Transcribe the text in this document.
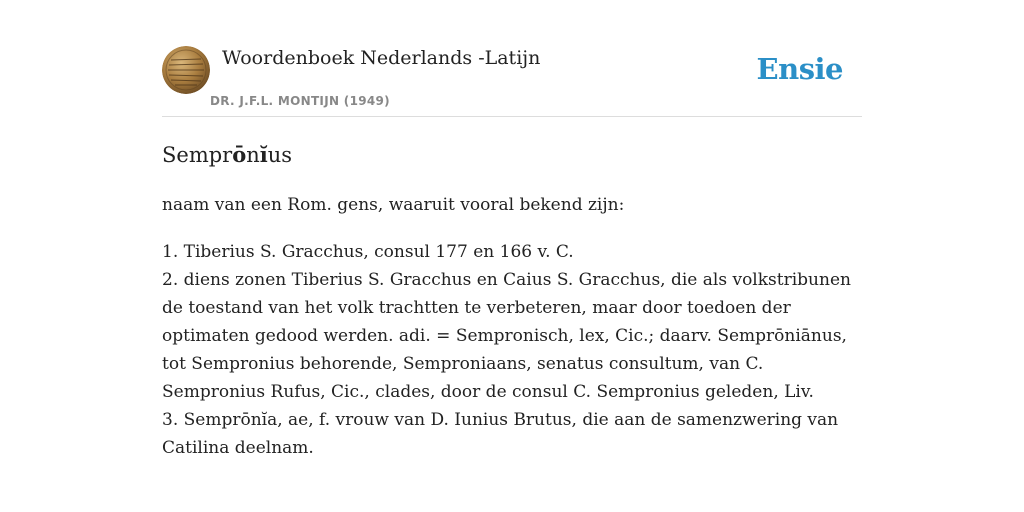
Woordenboek Nederlands -Latijn
DR. J.F.L. MONTIJN (1949)
Ensie
Semprōnĭus

naam van een Rom. gens, waaruit vooral bekend zijn:

1. Tiberius S. Gracchus, consul 177 en 166 v. C.
2. diens zonen Tiberius S. Gracchus en Caius S. Gracchus, die als volkstribunen de toestand van het volk trachtten te verbeteren, maar door toedoen der optimaten gedood werden. adi. = Sempronisch, lex, Cic.; daarv. Semprōniānus, tot Sempronius behorende, Semproniaans, senatus consultum, van C. Sempronius Rufus, Cic., clades, door de consul C. Sempronius geleden, Liv.
3. Semprōnĭa, ae, f. vrouw van D. Iunius Brutus, die aan de samenzwering van Catilina deelnam.
